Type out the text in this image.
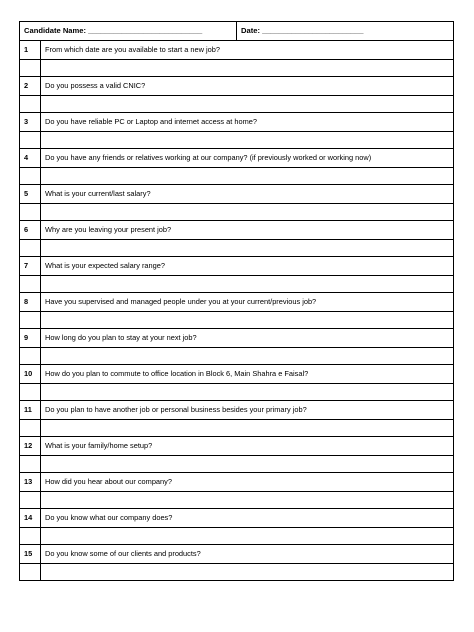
Candidate Name: ___________________________		Date: ________________________
1	From which date are you available to start a new job?	

2	Do you possess a valid CNIC?	

3	Do you have reliable PC or Laptop and internet access at home?	

4	Do you have any friends or relatives working at our company? (if previously worked or working now)	

5	What is your current/last salary?	

6	Why are you leaving your present job?	

7	What is your expected salary range?	

8	Have you supervised and managed people under you at your current/previous job?	

9	How long do you plan to stay at your next job?	

10	How do you plan to commute to office location in Block 6, Main Shahra e Faisal?	

11	Do you plan to have another job or personal business besides your primary job?	

12	What is your family/home setup?	

13	How did you hear about our company?	

14	Do you know what our company does?	

15	Do you know some of our clients and products?	
